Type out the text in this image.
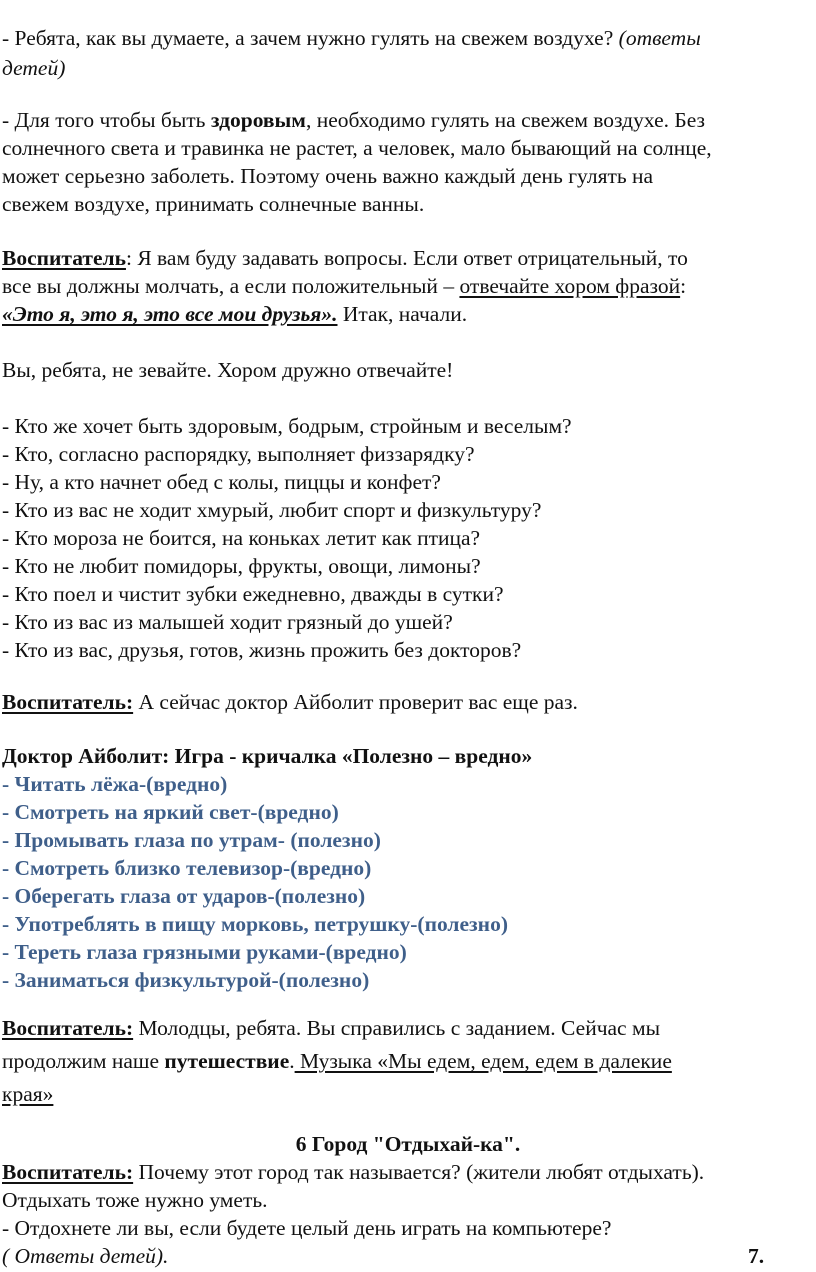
- Ребята, как вы думаете, а зачем нужно гулять на свежем воздухе? (ответы
детей)
- Для того чтобы быть здоровым, необходимо гулять на свежем воздухе. Без
солнечного света и травинка не растет, а человек, мало бывающий на солнце,
может серьезно заболеть. Поэтому очень важно каждый день гулять на
свежем воздухе, принимать солнечные ванны.
Воспитатель: Я вам буду задавать вопросы. Если ответ отрицательный, то
все вы должны молчать, а если положительный – отвечайте хором фразой:
«Это я, это я, это все мои друзья». Итак, начали.
Вы, ребята, не зевайте. Хором дружно отвечайте!
- Кто же хочет быть здоровым, бодрым, стройным и веселым?
- Кто, согласно распорядку, выполняет физзарядку?
- Ну, а кто начнет обед с колы, пиццы и конфет?
- Кто из вас не ходит хмурый, любит спорт и физкультуру?
- Кто мороза не боится, на коньках летит как птица?
- Кто не любит помидоры, фрукты, овощи, лимоны?
- Кто поел и чистит зубки ежедневно, дважды в сутки?
- Кто из вас из малышей ходит грязный до ушей?
- Кто из вас, друзья, готов, жизнь прожить без докторов?
Воспитатель: А сейчас доктор Айболит проверит вас еще раз.
Доктор Айболит: Игра - кричалка «Полезно – вредно»
- Читать лёжа-(вредно)
- Смотреть на яркий свет-(вредно)
- Промывать глаза по утрам- (полезно)
- Смотреть близко телевизор-(вредно)
- Оберегать глаза от ударов-(полезно)
- Употреблять в пищу морковь, петрушку-(полезно)
- Тереть глаза грязными руками-(вредно)
- Заниматься физкультурой-(полезно)
Воспитатель: Молодцы, ребята. Вы справились с заданием. Сейчас мы
продолжим наше путешествие. Музыка «Мы едем, едем, едем в далекие
края»
6 Город "Отдыхай-ка".
Воспитатель: Почему этот город так называется? (жители любят отдыхать).
Отдыхать тоже нужно уметь.
- Отдохнете ли вы, если будете целый день играть на компьютере?
( Ответы детей).	7.
